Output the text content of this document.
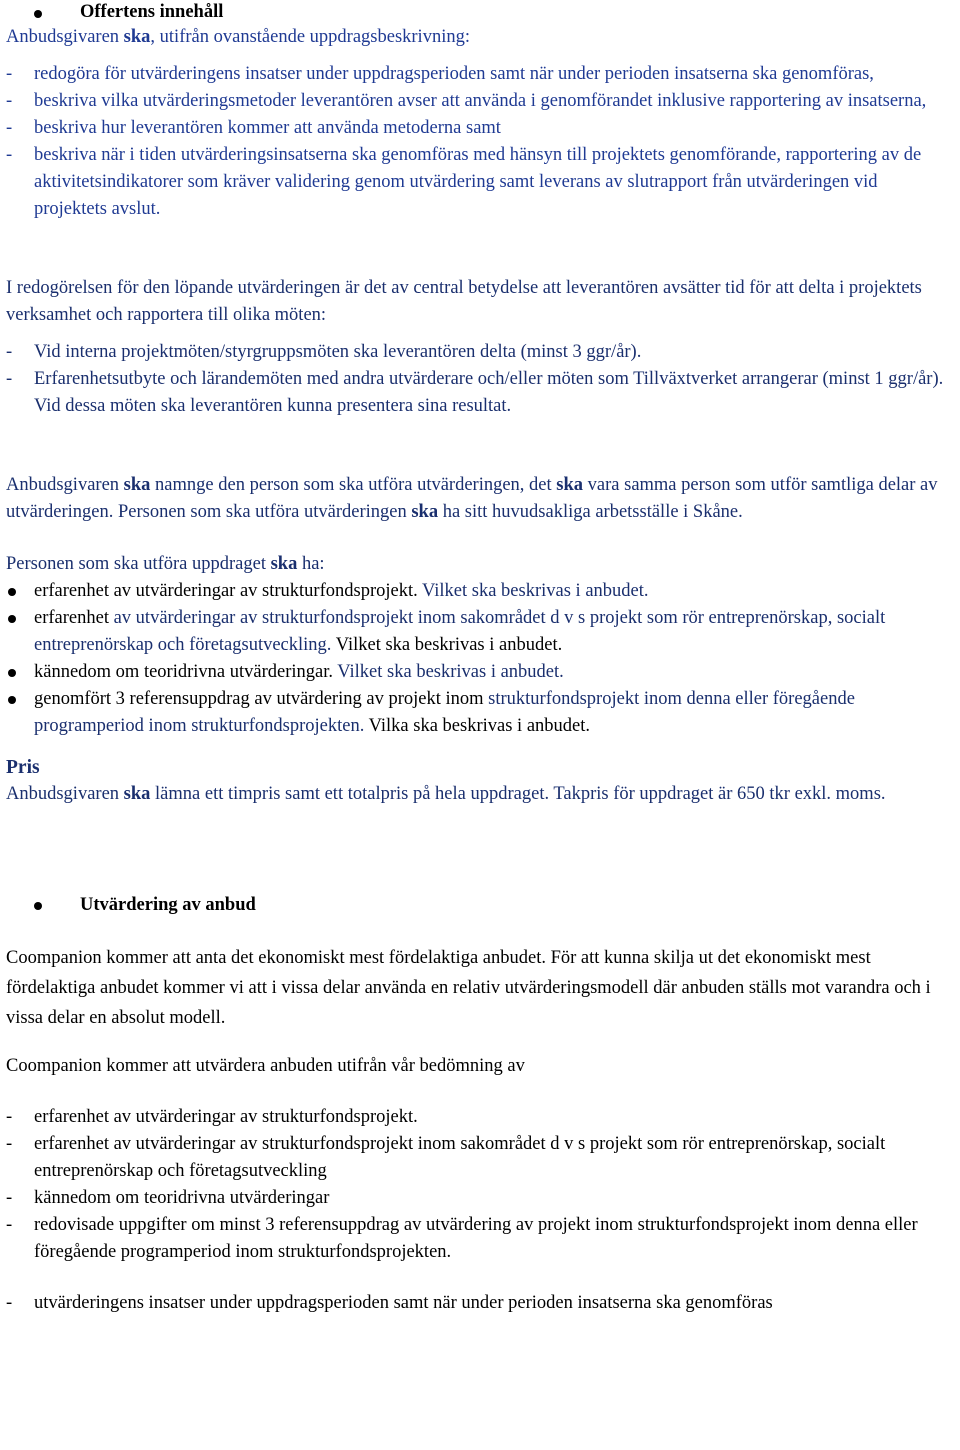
Offertens innehåll

Anbudsgivaren ska, utifrån ovanstående uppdragsbeskrivning:

- redogöra för utvärderingens insatser under uppdragsperioden samt när under perioden insatserna ska genomföras,
- beskriva vilka utvärderingsmetoder leverantören avser att använda i genomförandet inklusive rapportering av insatserna,
- beskriva hur leverantören kommer att använda metoderna samt
- beskriva när i tiden utvärderingsinsatserna ska genomföras med hänsyn till projektets genomförande, rapportering av de aktivitetsindikatorer som kräver validering genom utvärdering samt leverans av slutrapport från utvärderingen vid projektets avslut.

I redogörelsen för den löpande utvärderingen är det av central betydelse att leverantören avsätter tid för att delta i projektets verksamhet och rapportera till olika möten:

- Vid interna projektmöten/styrgruppsmöten ska leverantören delta (minst 3 ggr/år).
- Erfarenhetsutbyte och lärandemöten med andra utvärderare och/eller möten som Tillväxtverket arrangerar (minst 1 ggr/år). Vid dessa möten ska leverantören kunna presentera sina resultat.

Anbudsgivaren ska namnge den person som ska utföra utvärderingen, det ska vara samma person som utför samtliga delar av utvärderingen. Personen som ska utföra utvärderingen ska ha sitt huvudsakliga arbetsställe i Skåne.

Personen som ska utföra uppdraget ska ha:

erfarenhet av utvärderingar av strukturfondsprojekt. Vilket ska beskrivas i anbudet.
erfarenhet av utvärderingar av strukturfondsprojekt inom sakområdet d v s projekt som rör entreprenörskap, socialt entreprenörskap och företagsutveckling. Vilket ska beskrivas i anbudet.
kännedom om teoridrivna utvärderingar. Vilket ska beskrivas i anbudet.
genomfört 3 referensuppdrag av utvärdering av projekt inom strukturfondsprojekt inom denna eller föregående programperiod inom strukturfondsprojekten. Vilka ska beskrivas i anbudet.

Pris

Anbudsgivaren ska lämna ett timpris samt ett totalpris på hela uppdraget. Takpris för uppdraget är 650 tkr exkl. moms.

Utvärdering av anbud

Coompanion kommer att anta det ekonomiskt mest fördelaktiga anbudet. För att kunna skilja ut det ekonomiskt mest fördelaktiga anbudet kommer vi att i vissa delar använda en relativ utvärderingsmodell där anbuden ställs mot varandra och i vissa delar en absolut modell.

Coompanion kommer att utvärdera anbuden utifrån vår bedömning av

- erfarenhet av utvärderingar av strukturfondsprojekt.
- erfarenhet av utvärderingar av strukturfondsprojekt inom sakområdet d v s projekt som rör entreprenörskap, socialt entreprenörskap och företagsutveckling
- kännedom om teoridrivna utvärderingar
- redovisade uppgifter om minst 3 referensuppdrag av utvärdering av projekt inom strukturfondsprojekt inom denna eller föregående programperiod inom strukturfondsprojekten.
- utvärderingens insatser under uppdragsperioden samt när under perioden insatserna ska genomföras
